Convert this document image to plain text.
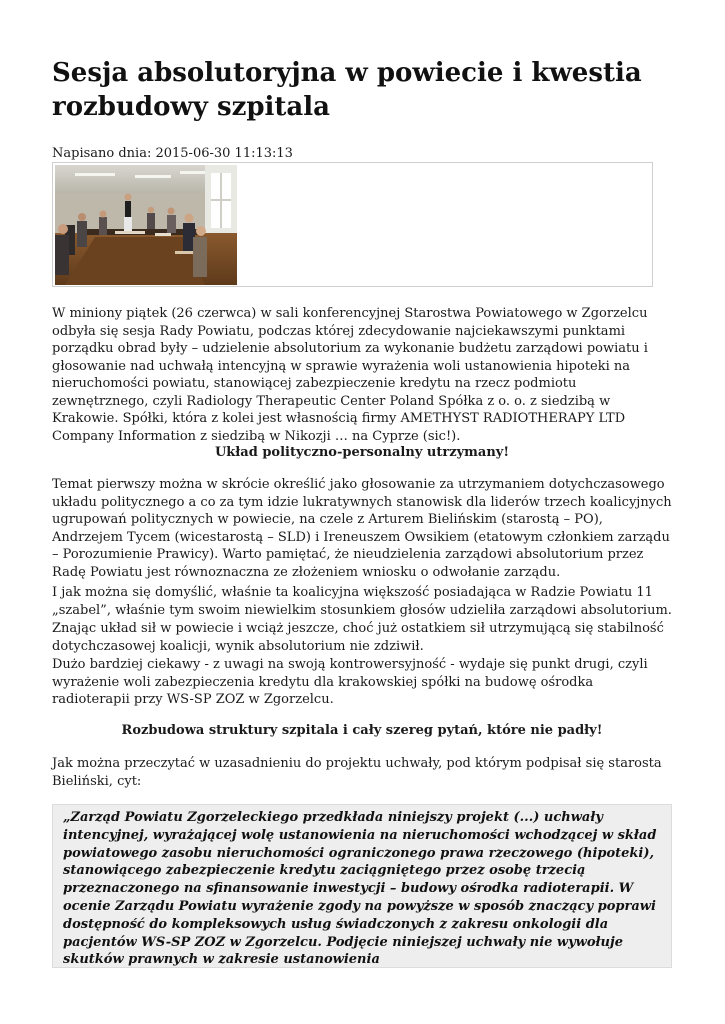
Sesja absolutoryjna w powiecie i kwestia rozbudowy szpitala
Napisano dnia: 2015-06-30 11:13:13

W miniony piątek (26 czerwca) w sali konferencyjnej Starostwa Powiatowego w Zgorzelcu odbyła się sesja Rady Powiatu, podczas której zdecydowanie najciekawszymi punktami porządku obrad były – udzielenie absolutorium za wykonanie budżetu zarządowi powiatu i głosowanie nad uchwałą intencyjną w sprawie wyrażenia woli ustanowienia hipoteki na nieruchomości powiatu, stanowiącej zabezpieczenie kredytu na rzecz podmiotu zewnętrznego, czyli Radiology Therapeutic Center Poland Spółka z o. o. z siedzibą w Krakowie. Spółki, która z kolei jest własnością firmy AMETHYST RADIOTHERAPY LTD Company Information z siedzibą w Nikozji … na Cyprze (sic!).

Układ polityczno-personalny utrzymany!

Temat pierwszy można w skrócie określić jako głosowanie za utrzymaniem dotychczasowego układu politycznego a co za tym idzie lukratywnych stanowisk dla liderów trzech koalicyjnych ugrupowań politycznych w powiecie, na czele z Arturem Bielińskim (starostą – PO), Andrzejem Tycem (wicestarostą – SLD) i Ireneuszem Owsikiem (etatowym członkiem zarządu – Porozumienie Prawicy). Warto pamiętać, że nieudzielenia zarządowi absolutorium przez Radę Powiatu jest równoznaczna ze złożeniem wniosku o odwołanie zarządu.

I jak można się domyślić, właśnie ta koalicyjna większość posiadająca w Radzie Powiatu 11 „szabel”, właśnie tym swoim niewielkim stosunkiem głosów udzieliła zarządowi absolutorium.

Znając układ sił w powiecie i wciąż jeszcze, choć już ostatkiem sił utrzymującą się stabilność dotychczasowej koalicji, wynik absolutorium nie zdziwił.

Dużo bardziej ciekawy - z uwagi na swoją kontrowersyjność - wydaje się punkt drugi, czyli wyrażenie woli zabezpieczenia kredytu dla krakowskiej spółki na budowę ośrodka radioterapii przy WS-SP ZOZ w Zgorzelcu.

Rozbudowa struktury szpitala i cały szereg pytań, które nie padły!

Jak można przeczytać w uzasadnieniu do projektu uchwały, pod którym podpisał się starosta Bieliński, cyt:

„Zarząd Powiatu Zgorzeleckiego przedkłada niniejszy projekt (...) uchwały intencyjnej, wyrażającej wolę ustanowienia na nieruchomości wchodzącej w skład powiatowego zasobu nieruchomości ograniczonego prawa rzeczowego (hipoteki), stanowiącego zabezpieczenie kredytu zaciągniętego przez osobę trzecią przeznaczonego na sfinansowanie inwestycji – budowy ośrodka radioterapii. W ocenie Zarządu Powiatu wyrażenie zgody na powyższe w sposób znaczący poprawi dostępność do kompleksowych usług świadczonych z zakresu onkologii dla pacjentów WS-SP ZOZ w Zgorzelcu. Podjęcie niniejszej uchwały nie wywołuje skutków prawnych w zakresie ustanowienia
